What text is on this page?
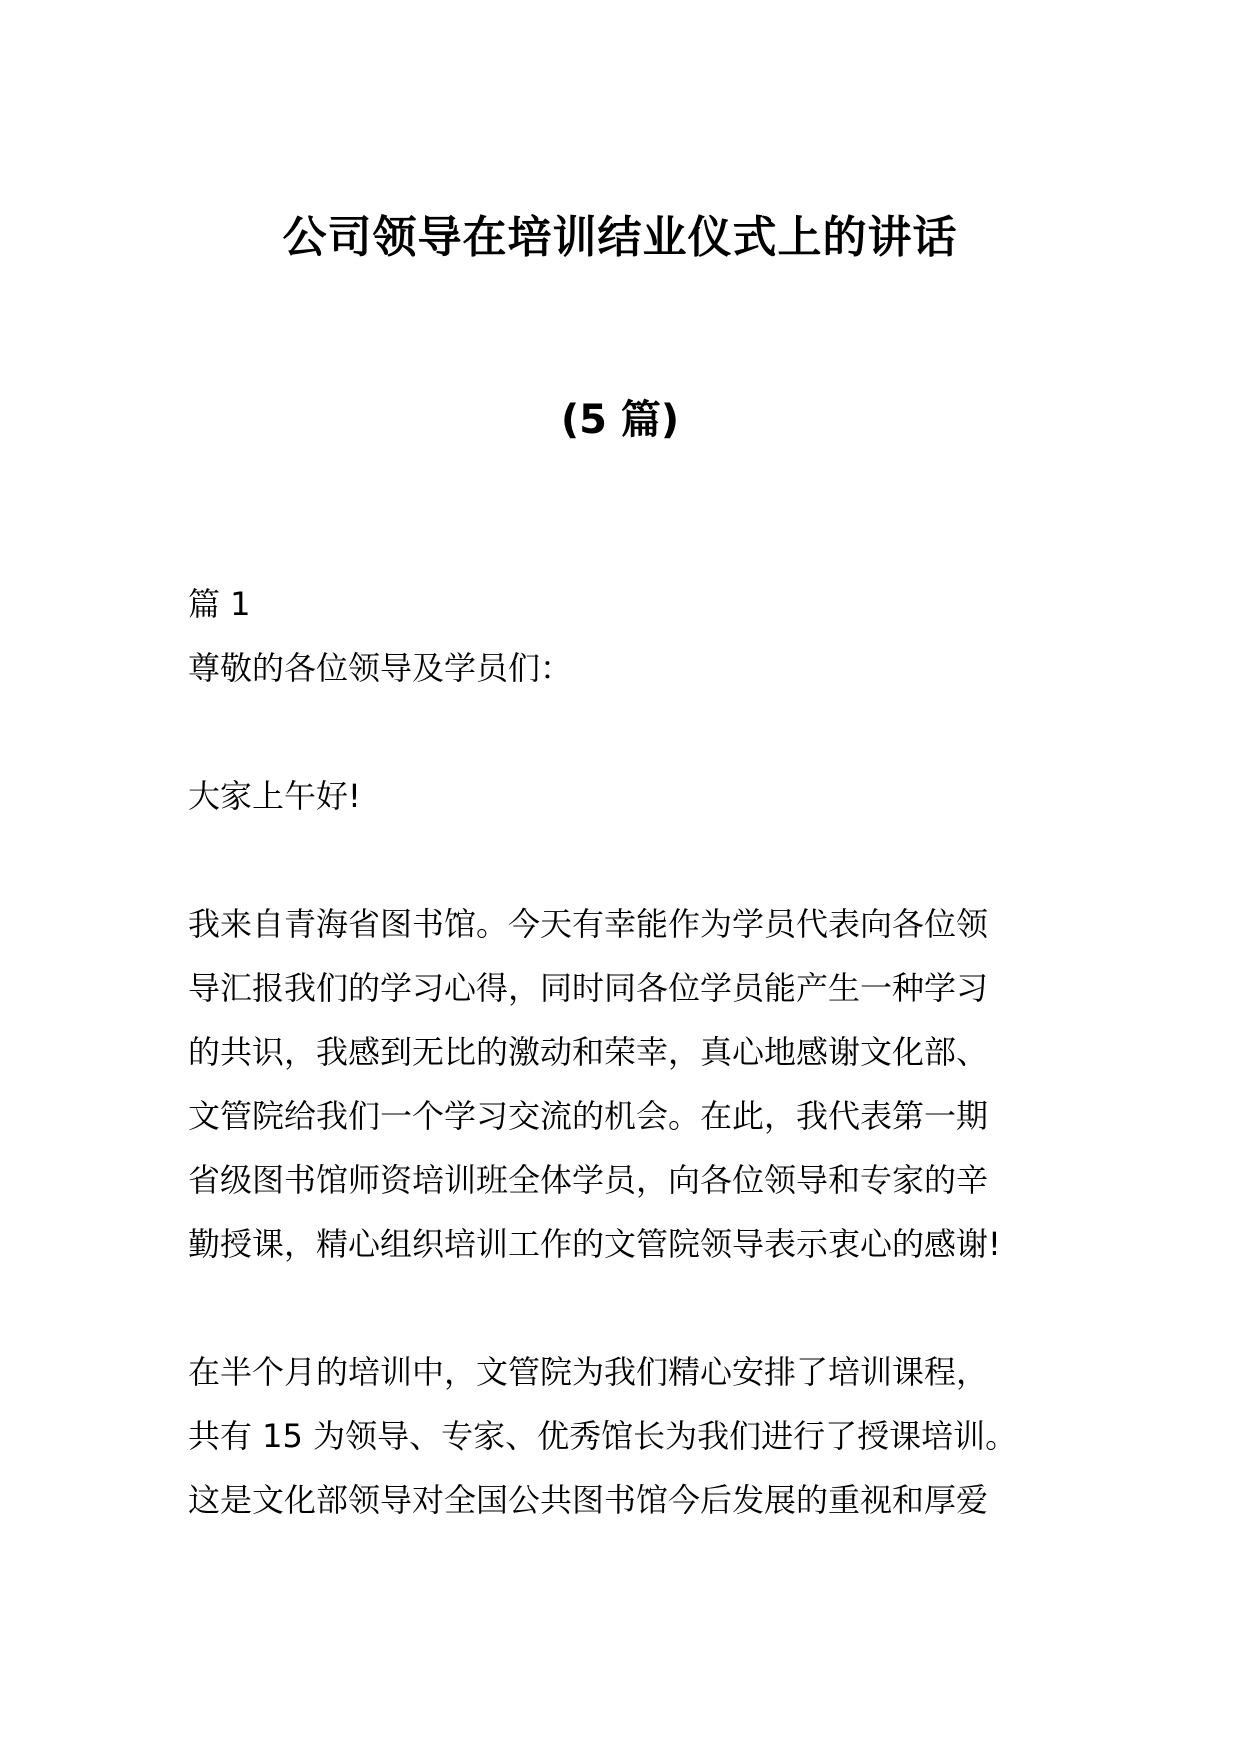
公司领导在培训结业仪式上的讲话
(5 篇)

篇 1

尊敬的各位领导及学员们：

大家上午好!

我来自青海省图书馆。今天有幸能作为学员代表向各位领
导汇报我们的学习心得，同时同各位学员能产生一种学习
的共识，我感到无比的激动和荣幸，真心地感谢文化部、
文管院给我们一个学习交流的机会。在此，我代表第一期
省级图书馆师资培训班全体学员，向各位领导和专家的辛
勤授课，精心组织培训工作的文管院领导表示衷心的感谢!
在半个月的培训中，文管院为我们精心安排了培训课程，
共有 15 为领导、专家、优秀馆长为我们进行了授课培训。
这是文化部领导对全国公共图书馆今后发展的重视和厚爱
